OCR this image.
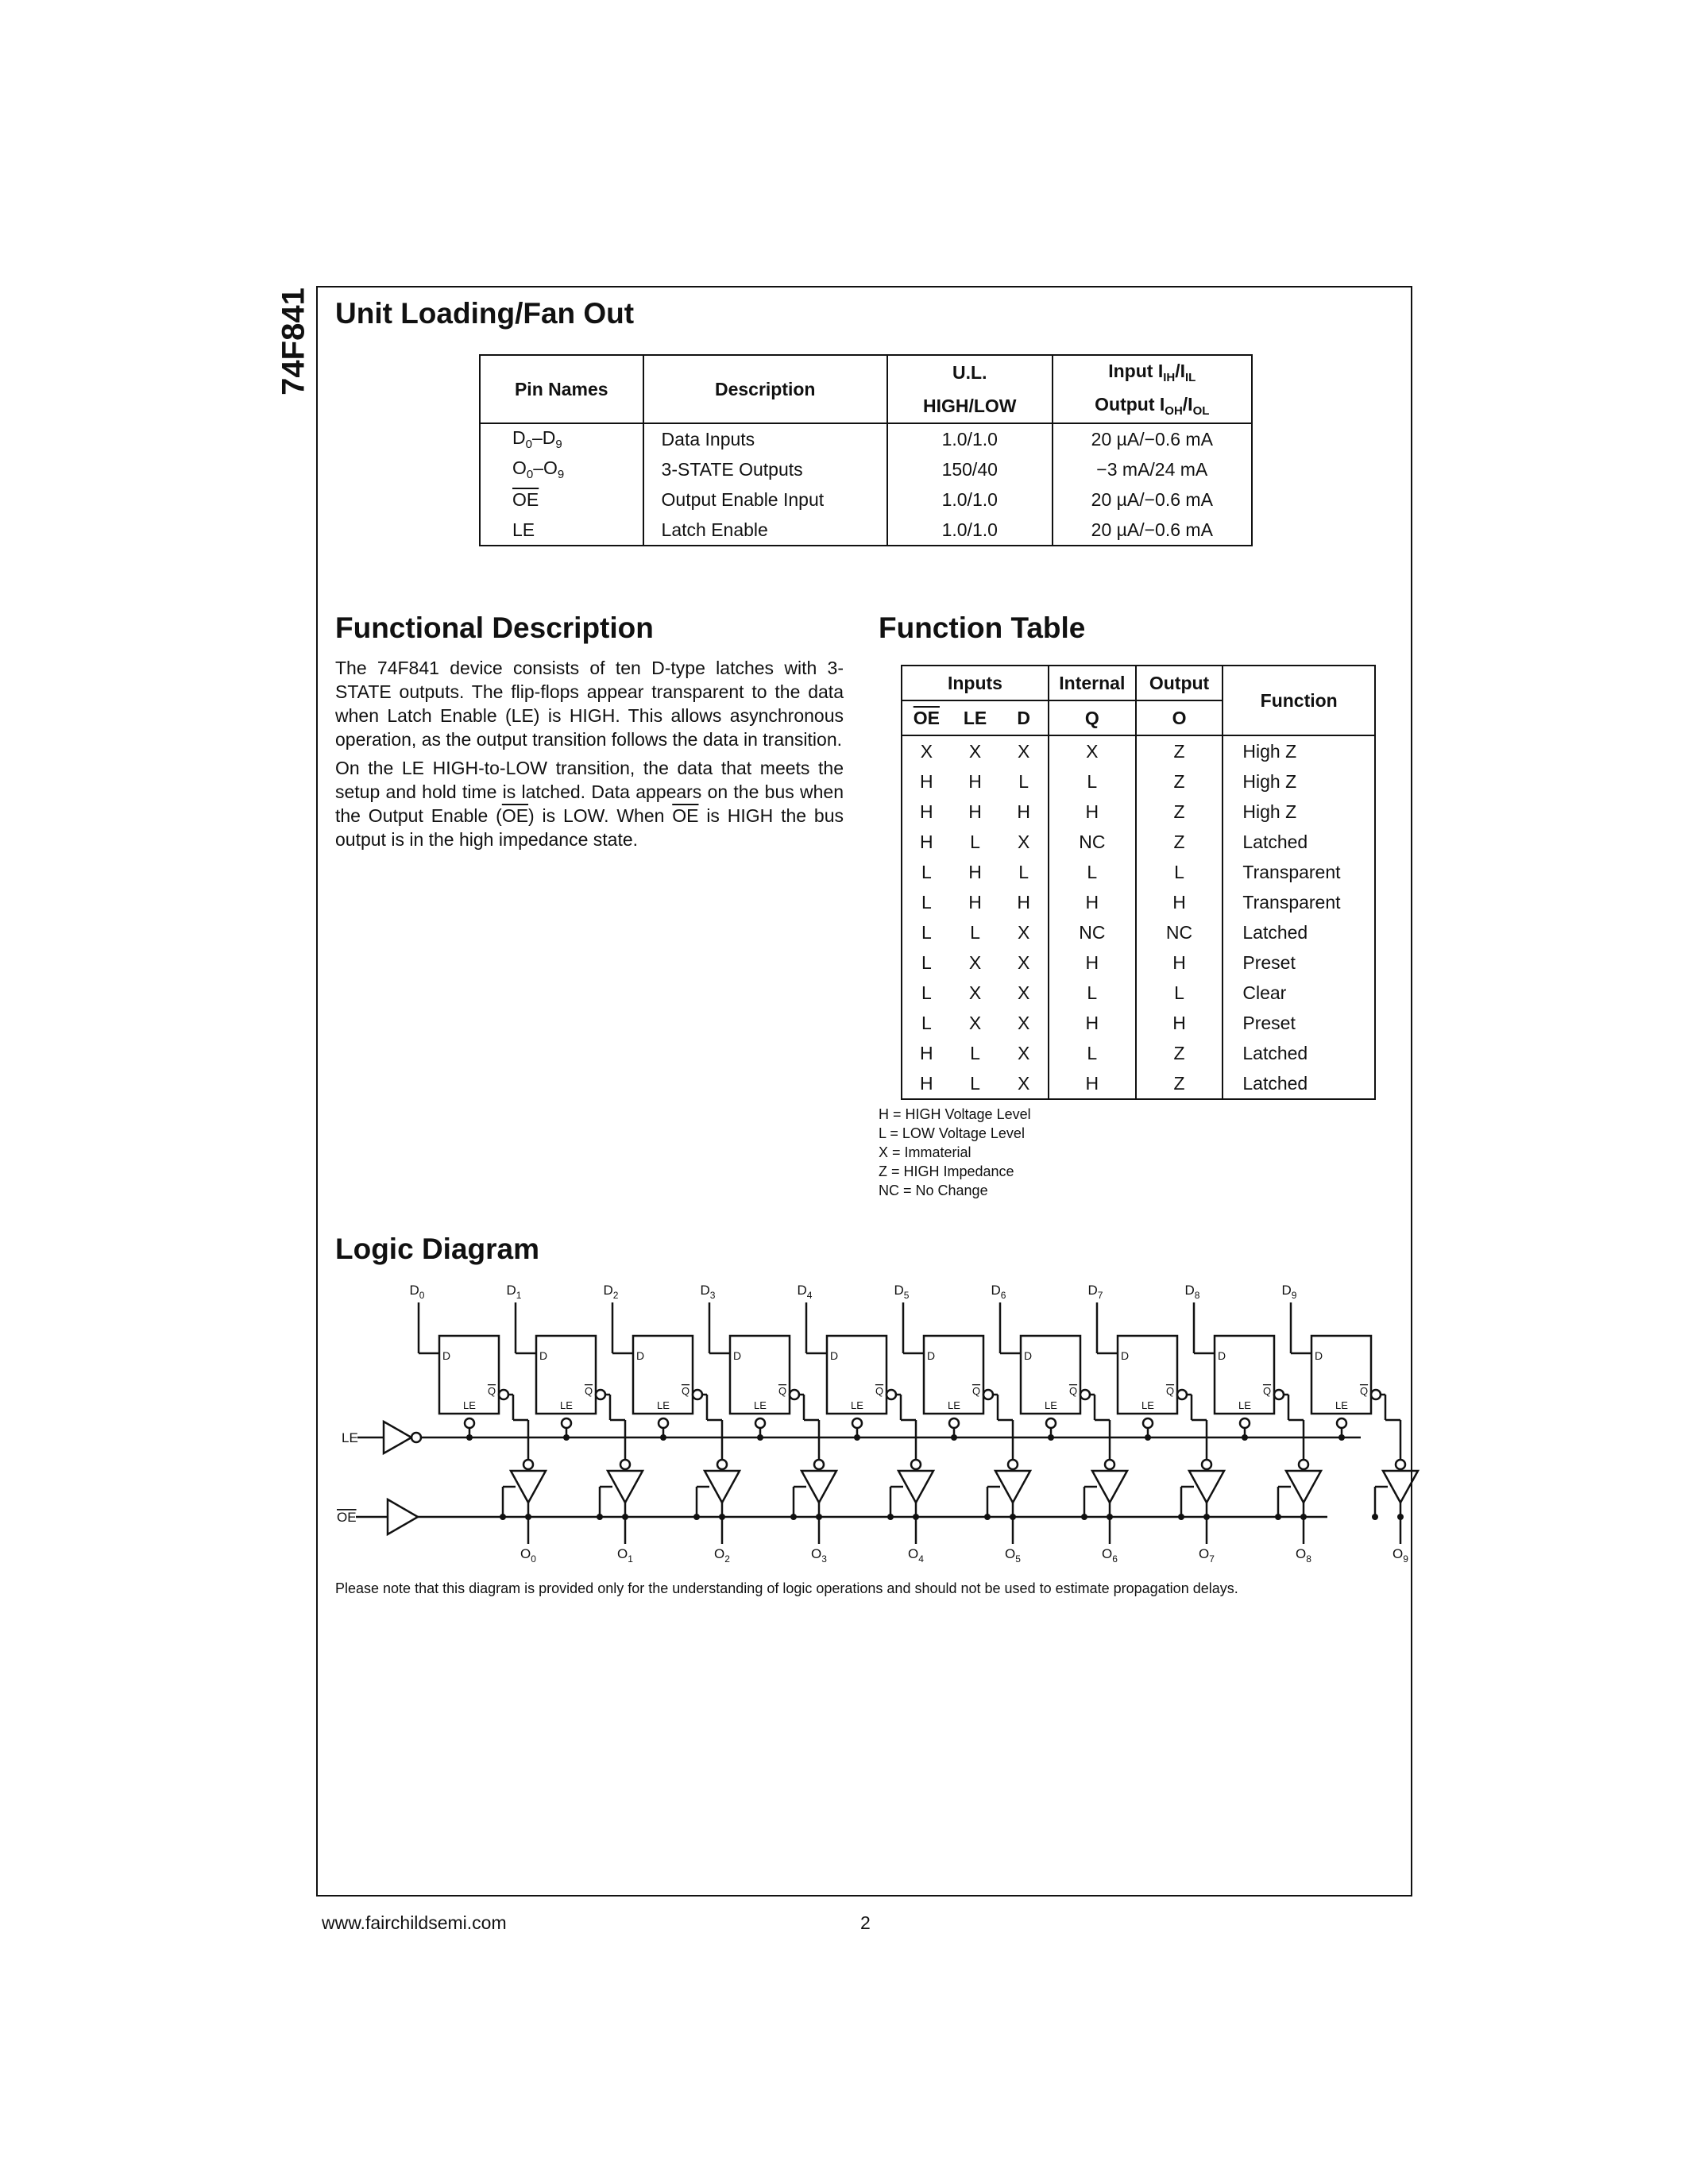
74F841 Unit Loading/Fan Out
Pin Names	Description	U.L.	Input $I_{IH}/I_{IL}$
		HIGH/LOW	Output $I_{OH}/I_{OL}$
$D_0-D_9$	Data Inputs	1.0/1.0	20 µA/−0.6 mA
$O_0-O_9$	3-STATE Outputs	150/40	−3 mA/24 mA
$\overline{OE}$	Output Enable Input	1.0/1.0	20 µA/−0.6 mA
LE	Latch Enable	1.0/1.0	20 µA/−0.6 mA
Functional Description

The 74F841 device consists of ten D-type latches with 3-STATE outputs. The flip-flops appear transparent to the data when Latch Enable (LE) is HIGH. This allows asynchronous operation, as the output transition follows the data in transition.

On the LE HIGH-to-LOW transition, the data that meets the setup and hold time is latched. Data appears on the bus when the Output Enable $(\overline{OE})$ is LOW. When $\overline{OE}$ is HIGH the bus output is in the high impedance state.

Function Table
Inputs			Internal	Output	Function
$\overline{OE}$	LE	D	Q	O	
X	X	X	X	Z	High Z
H	H	L	L	Z	High Z
H	H	H	H	Z	High Z
H	L	X	NC	Z	Latched
L	H	L	L	L	Transparent
L	H	H	H	H	Transparent
L	L	X	NC	NC	Latched
L	X	X	H	H	Preset
L	X	X	L	L	Clear
L	X	X	H	H	Preset
H	L	X	L	Z	Latched
H	L	X	H	Z	Latched
H = HIGH Voltage Level
L = LOW Voltage Level
X = Immaterial
Z = HIGH Impedance
NC = No Change
Logic Diagram
LE
OE
$D_0$
D
LE
Q
$O_0$
$D_1$
D
LE
Q
$O_1$
$D_2$
D
LE
Q
$O_2$
$D_3$
D
LE
Q
$O_3$
$D_4$
D
LE
Q
$O_4$
$D_5$
D
LE
Q
$O_5$
$D_6$
D
LE
Q
$O_6$
$D_7$
D
LE
Q
$O_7$
$D_8$
D
LE
Q
$O_8$
$D_9$
D
LE
Q
$O_9$
Please note that this diagram is provided only for the understanding of logic operations and should not be used to estimate propagation delays.
www.fairchildsemi.com	2
